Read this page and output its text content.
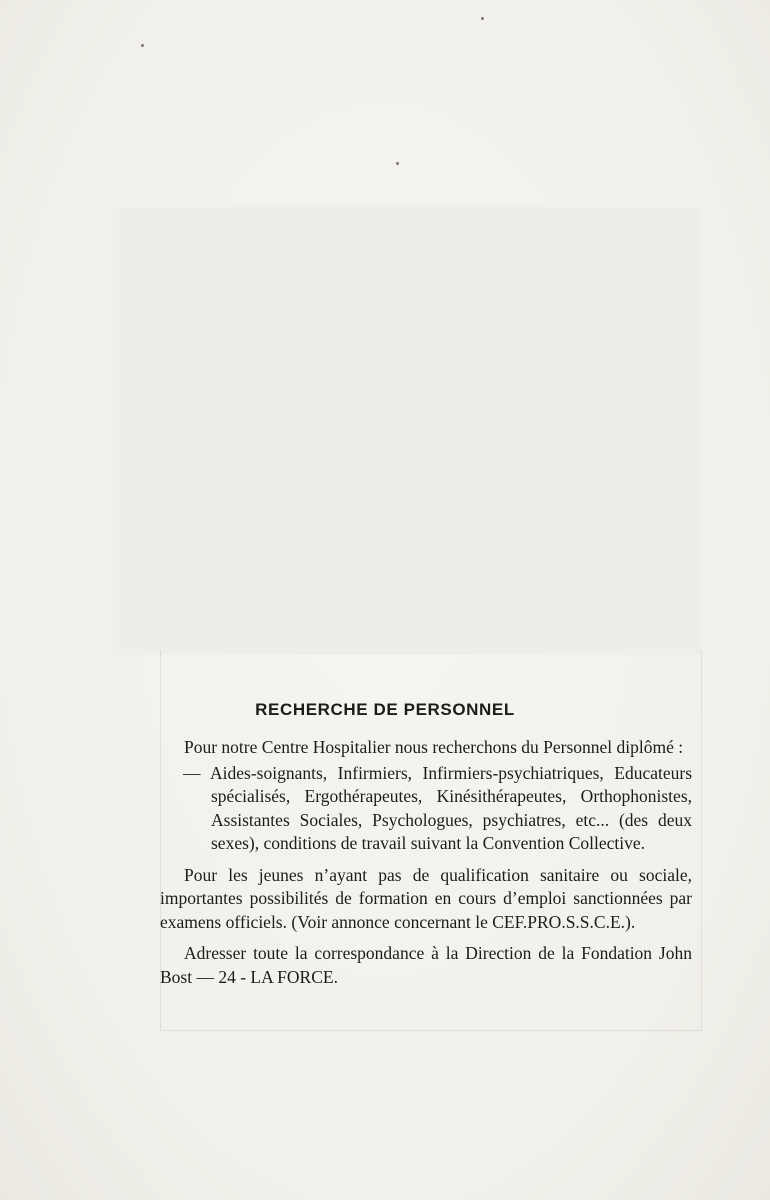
RECHERCHE DE PERSONNEL

Pour notre Centre Hospitalier nous recherchons du Personnel diplômé :

— Aides-soignants, Infirmiers, Infirmiers-psychiatriques, Educateurs spécialisés, Ergothérapeutes, Kinésithérapeutes, Orthophonistes, Assistantes Sociales, Psychologues, psychiatres, etc... (des deux sexes), conditions de travail suivant la Convention Collective.

Pour les jeunes n’ayant pas de qualification sanitaire ou sociale, importantes possibilités de formation en cours d’emploi sanctionnées par examens officiels. (Voir annonce concernant le CEF.PRO.S.S.C.E.).

Adresser toute la correspondance à la Direction de la Fondation John Bost — 24 - LA FORCE.
